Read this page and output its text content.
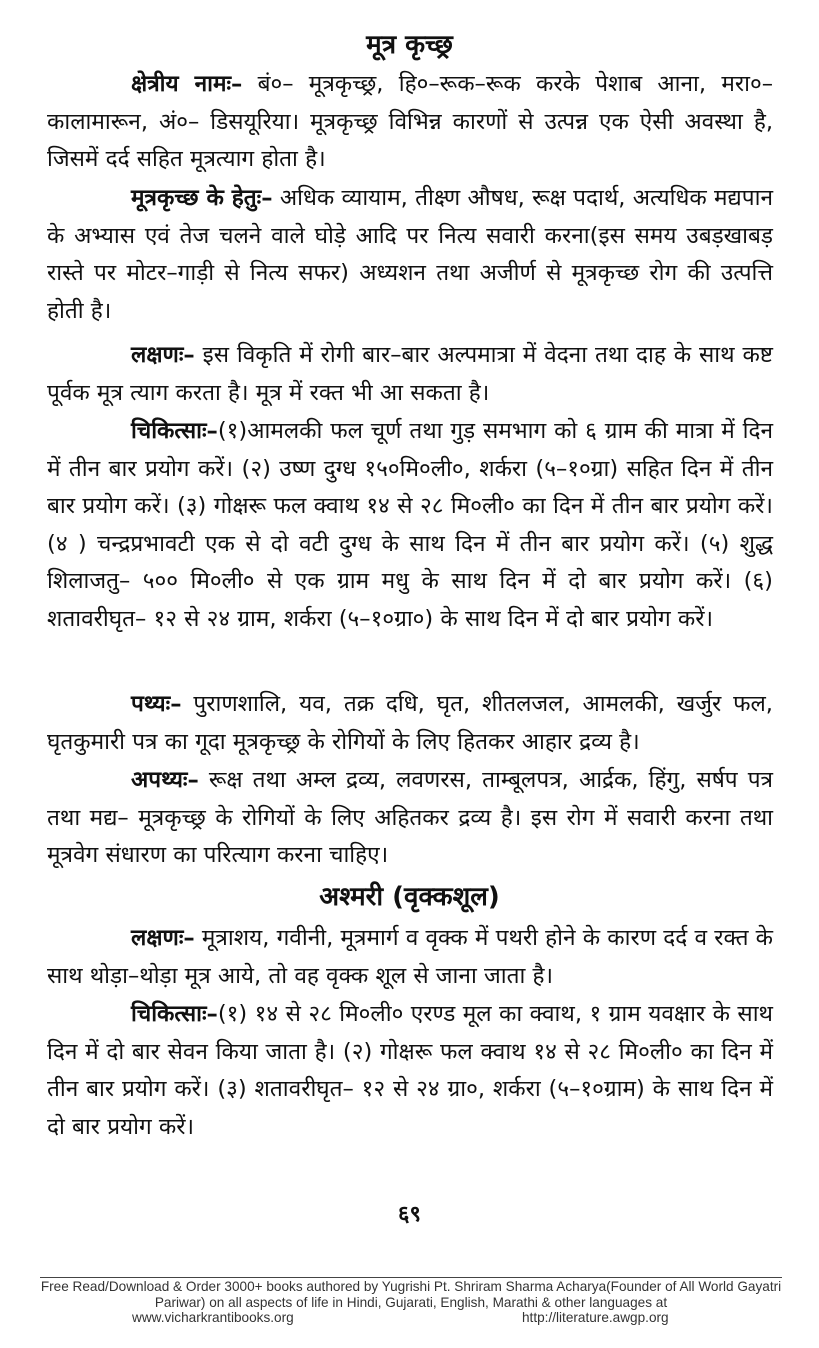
मूत्र कृच्छ्र

क्षेत्रीय नामः– बं०– मूत्रकृच्छ्र, हि०–रूक–रूक करके पेशाब आना, मरा०–कालामारून, अं०– डिसयूरिया। मूत्रकृच्छ्र विभिन्न कारणों से उत्पन्न एक ऐसी अवस्था है, जिसमें दर्द सहित मूत्रत्याग होता है।

मूत्रकृच्छ के हेतुः– अधिक व्यायाम, तीक्ष्ण औषध, रूक्ष पदार्थ, अत्यधिक मद्यपान के अभ्यास एवं तेज चलने वाले घोड़े आदि पर नित्य सवारी करना(इस समय उबड़खाबड़ रास्ते पर मोटर–गाड़ी से नित्य सफर) अध्यशन तथा अजीर्ण से मूत्रकृच्छ रोग की उत्पत्ति होती है।

लक्षणः– इस विकृति में रोगी बार–बार अल्पमात्रा में वेदना तथा दाह के साथ कष्ट पूर्वक मूत्र त्याग करता है। मूत्र में रक्त भी आ सकता है।

चिकित्साः–(१)आमलकी फल चूर्ण तथा गुड़ समभाग को ६ ग्राम की मात्रा में दिन में तीन बार प्रयोग करें। (२) उष्ण दुग्ध १५०मि०ली०, शर्करा (५–१०ग्रा) सहित दिन में तीन बार प्रयोग करें। (३) गोक्षरू फल क्वाथ १४ से २८ मि०ली० का दिन में तीन बार प्रयोग करें। (४ ) चन्द्रप्रभावटी एक से दो वटी दुग्ध के साथ दिन में तीन बार प्रयोग करें। (५) शुद्ध शिलाजतु– ५०० मि०ली० से एक ग्राम मधु के साथ दिन में दो बार प्रयोग करें। (६) शतावरीघृत– १२ से २४ ग्राम, शर्करा (५–१०ग्रा०) के साथ दिन में दो बार प्रयोग करें।

पथ्यः– पुराणशालि, यव, तक्र दधि, घृत, शीतलजल, आमलकी, खर्जुर फल, घृतकुमारी पत्र का गूदा मूत्रकृच्छ्र के रोगियों के लिए हितकर आहार द्रव्य है।

अपथ्यः– रूक्ष तथा अम्ल द्रव्य, लवणरस, ताम्बूलपत्र, आर्द्रक, हिंगु, सर्षप पत्र तथा मद्य– मूत्रकृच्छ्र के रोगियों के लिए अहितकर द्रव्य है। इस रोग में सवारी करना तथा मूत्रवेग संधारण का परित्याग करना चाहिए।

अश्मरी (वृक्कशूल)

लक्षणः– मूत्राशय, गवीनी, मूत्रमार्ग व वृक्क में पथरी होने के कारण दर्द व रक्त के साथ थोड़ा–थोड़ा मूत्र आये, तो वह वृक्क शूल से जाना जाता है।

चिकित्साः–(१) १४ से २८ मि०ली० एरण्ड मूल का क्वाथ, १ ग्राम यवक्षार के साथ दिन में दो बार सेवन किया जाता है। (२) गोक्षरू फल क्वाथ १४ से २८ मि०ली० का दिन में तीन बार प्रयोग करें। (३) शतावरीघृत– १२ से २४ ग्रा०, शर्करा (५–१०ग्राम) के साथ दिन में दो बार प्रयोग करें।

६९
Free Read/Download & Order 3000+ books authored by Yugrishi Pt. Shriram Sharma Acharya(Founder of All World Gayatri Pariwar) on all aspects of life in Hindi, Gujarati, English, Marathi & other languages at
www.vicharkrantibooks.org	http://literature.awgp.org
